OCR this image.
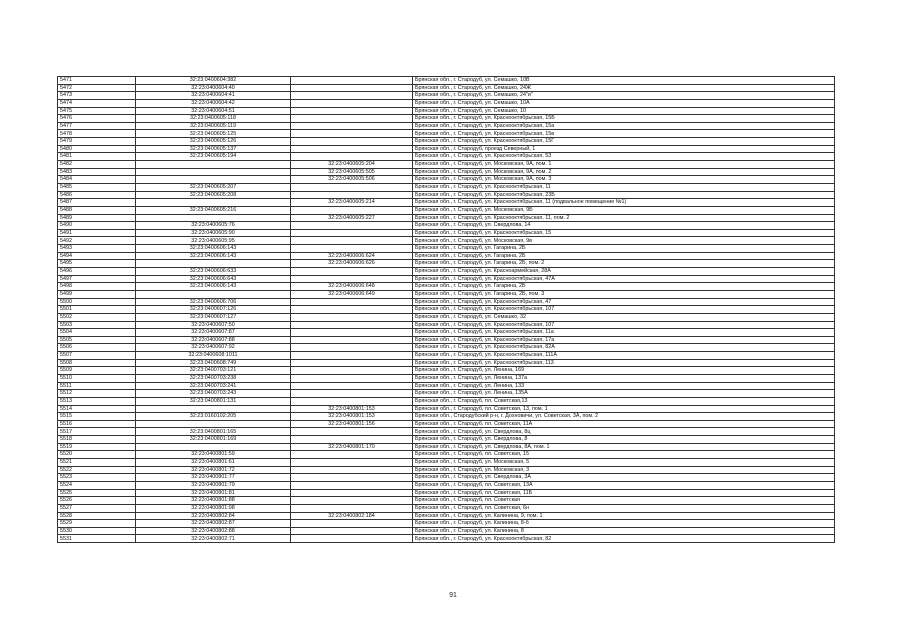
5471	32:23:0400604:382		Брянская обл., г. Стародуб, ул. Семашко, 10В
5472	32:23:0400604:40		Брянская обл., г. Стародуб, ул. Семашко, 24Ж
5473	32:23:0400604:41		Брянская обл., г. Стародуб, ул. Семашко, 24"и"
5474	32:23:0400604:42		Брянская обл., г. Стародуб, ул. Семашко, 10А
5475	32:23:0400604:51		Брянская обл., г. Стародуб, ул. Семашко, 10
5476	32:23:0400605:118		Брянская обл., г. Стародуб, ул. Краснооктябрьская, 15Б
5477	32:23:0400605:119		Брянская обл., г. Стародуб, ул. Краснооктябрьская, 15а
5478	32:23:0400605:125		Брянская обл., г. Стародуб, ул. Краснооктябрьская, 15в
5479	32:23:0400605:126		Брянская обл., г. Стародуб, ул. Краснооктябрьская, 15Г
5480	32:23:0400605:137		Брянская обл., г. Стародуб, проезд Северный, 1
5481	32:23:0400605:194		Брянская обл., г. Стародуб, ул. Краснооктябрьская, 53
5482		32:23:0400605:204	Брянская обл., г. Стародуб, ул. Московская, 9А, пом. 1
5483		32:23:0400605:505	Брянская обл., г. Стародуб, ул. Московская, 9А, пом. 2
5484		32:23:0400605:506	Брянская обл., г. Стародуб, ул. Московская, 9А, пом. 3
5485	32:23:0400605:207		Брянская обл., г. Стародуб, ул. Краснооктябрьская, 11
5486	32:23:0400605:208		Брянская обл., г. Стародуб, ул. Краснооктябрьская, 23Б
5487		32:23:0400605:214	Брянская обл., г. Стародуб, ул. Краснооктябрьская, 11 (подвальное помещение №1)
5488	32:23:0400605:216		Брянская обл., г. Стародуб, ул. Московская, 9Б
5489		32:23:0400605:227	Брянская обл., г. Стародуб, ул. Краснооктябрьская, 11, пом. 2
5490	32:23:0400605:76		Брянская обл., г. Стародуб, ул. Свердлова, 14
5491	32:23:0400605:90		Брянская обл., г. Стародуб, ул. Краснооктябрьская, 15
5492	32:23:0400605:95		Брянская обл., г. Стародуб, ул. Московская, 9в
5493	32:23:0400606:143		Брянская обл., г. Стародуб, ул. Гагарина, 2Б
5494	32:23:0400606:143	32:23:0400606:624	Брянская обл., г. Стародуб, ул. Гагарина, 2Б
5495		32:23:0400606:626	Брянская обл., г. Стародуб, ул. Гагарина, 2Б, пом. 2
5496	32:23:0400606:633		Брянская обл., г. Стародуб, ул. Красноармейская, 28А
5497	32:23:0400606:643		Брянская обл., г. Стародуб, ул. Краснооктябрьская, 47А
5498	32:23:0400606:143	32:23:0400606:648	Брянская обл., г. Стародуб, ул. Гагарина, 2Б
5499		32:23:0400606:649	Брянская обл., г. Стародуб, ул. Гагарина, 2Б, пом. 3
5500	32:23:0400606:706		Брянская обл., г. Стародуб, ул. Краснооктябрьская, 47
5501	32:23:0400607:126		Брянская обл., г. Стародуб, ул. Краснооктябрьская, 107
5502	32:23:0400607:127		Брянская обл., г. Стародуб, ул. Семашко, 32
5503	32:23:0400607:50		Брянская обл., г. Стародуб, ул. Краснооктябрьская, 107
5504	32:23:0400607:87		Брянская обл., г. Стародуб, ул. Краснооктябрьская, 11а
5505	32:23:0400607:88		Брянская обл., г. Стародуб, ул. Краснооктябрьская, 17а
5506	32:23:0400607:92		Брянская обл., г. Стародуб, ул. Краснооктябрьская, 82А
5507	32:23:0400608:1011		Брянская обл., г. Стародуб, ул. Краснооктябрьская, 111А
5508	32:23:0400608:749		Брянская обл., г. Стародуб, ул. Краснооктябрьская, 113
5509	32:23:0400703:121		Брянская обл., г. Стародуб, ул. Ленина, 169
5510	32:23:0400703:238		Брянская обл., г. Стародуб, ул. Ленина, 137а
5511	32:23:0400703:241		Брянская обл., г. Стародуб, ул. Ленина, 133
5512	32:23:0400703:243		Брянская обл., г. Стародуб, ул. Ленина, 135А
5513	32:23:0400801:131		Брянская обл., г. Стародуб, пл. Советская,13
5514		32:23:0400801:153	Брянская обл., г. Стародуб, пл. Советская, 13, пом. 1
5515	32:23:0160102:205	32:23:0400801:153	Брянская обл., Стародубский р-н, г. Дохновичи, ул. Советская, 3А, пом. 2
5516		32:23:0400801:156	Брянская обл., г. Стародуб, пл. Советская, 11А
5517	32:23:0400801:165		Брянская обл., г. Стародуб, ул. Свердлова, 8ц
5518	32:23:0400801:169		Брянская обл., г. Стародуб, ул. Свердлова, 8
5519		32:23:0400801:170	Брянская обл., г. Стародуб, ул. Свердлова, 8А, пом. 1
5520	32:23:0400801:59		Брянская обл., г. Стародуб, пл. Советская, 15
5521	32:23:0400801:61		Брянская обл., г. Стародуб, ул. Московская, 5
5522	32:23:0400801:72		Брянская обл., г. Стародуб, ул. Московская, 3
5523	32:23:0400801:77		Брянская обл., г. Стародуб, ул. Свердлова, 3А
5524	32:23:0400801:79		Брянская обл., г. Стародуб, пл. Советская, 13А
5525	32:23:0400801:81		Брянская обл., г. Стародуб, пл. Советская, 11Б
5526	32:23:0400801:88		Брянская обл., г. Стародуб, пл. Советская
5527	32:23:0400801:98		Брянская обл., г. Стародуб, пл. Советская, 6н
5528	32:23:0400802:84	32:23:0400802:184	Брянская обл., г. Стародуб, ул. Калинина, 9, пом. 1
5529	32:23:0400802:87		Брянская обл., г. Стародуб, ул. Калинина, 8-б
5530	32:23:0400802:88		Брянская обл., г. Стародуб, ул. Калинина, 8
5531	32:23:0400802:71		Брянская обл., г. Стародуб, ул. Краснооктябрьская, 82
91
